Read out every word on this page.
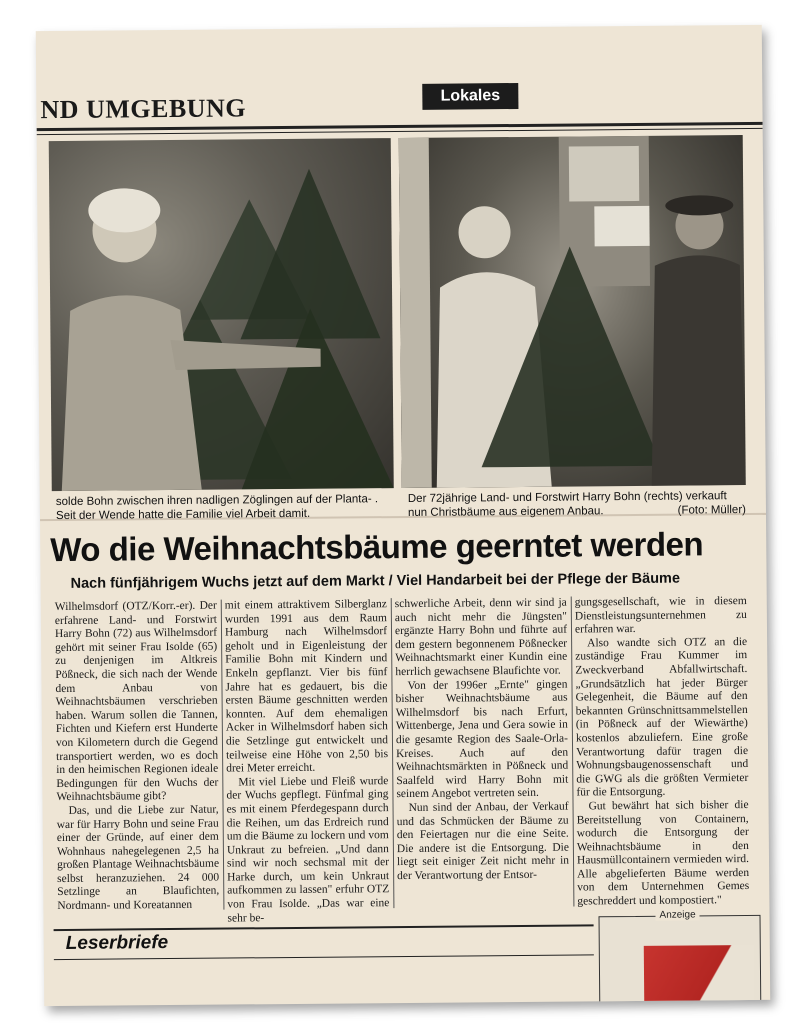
ND UMGEBUNG	Lokales
solde Bohn zwischen ihren nadligen Zöglingen auf der Planta- . Seit der Wende hatte die Familie viel Arbeit damit.
Der 72jährige Land- und Forstwirt Harry Bohn (rechts) verkauft nun Christbäume aus eigenem Anbau.	(Foto: Müller)
Wo die Weihnachtsbäume geerntet werden
Nach fünfjährigem Wuchs jetzt auf dem Markt / Viel Handarbeit bei der Pflege der Bäume

Wilhelmsdorf (OTZ/Korr.-er). Der erfahrene Land- und Forstwirt Harry Bohn (72) aus Wilhelmsdorf gehört mit seiner Frau Isolde (65) zu denjenigen im Altkreis Pößneck, die sich nach der Wende dem Anbau von Weihnachtsbäumen verschrieben haben. Warum sollen die Tannen, Fichten und Kiefern erst Hunderte von Kilometern durch die Gegend transportiert werden, wo es doch in den heimischen Regionen ideale Bedingungen für den Wuchs der Weihnachtsbäume gibt?

Das, und die Liebe zur Natur, war für Harry Bohn und seine Frau einer der Gründe, auf einer dem Wohnhaus nahegelegenen 2,5 ha großen Plantage Weihnachtsbäume selbst heranzuziehen. 24 000 Setzlinge an Blaufichten, Nordmann- und Koreatannen

mit einem attraktivem Silberglanz wurden 1991 aus dem Raum Hamburg nach Wilhelmsdorf geholt und in Eigenleistung der Familie Bohn mit Kindern und Enkeln gepflanzt. Vier bis fünf Jahre hat es gedauert, bis die ersten Bäume geschnitten werden konnten. Auf dem ehemaligen Acker in Wilhelmsdorf haben sich die Setzlinge gut entwickelt und teilweise eine Höhe von 2,50 bis drei Meter erreicht.

Mit viel Liebe und Fleiß wurde der Wuchs gepflegt. Fünfmal ging es mit einem Pferdegespann durch die Reihen, um das Erdreich rund um die Bäume zu lockern und vom Unkraut zu befreien. „Und dann sind wir noch sechsmal mit der Harke durch, um kein Unkraut aufkommen zu lassen" erfuhr OTZ von Frau Isolde. „Das war eine sehr be-

schwerliche Arbeit, denn wir sind ja auch nicht mehr die Jüngsten" ergänzte Harry Bohn und führte auf dem gestern begonnenem Pößnecker Weihnachtsmarkt einer Kundin eine herrlich gewachsene Blaufichte vor.

Von der 1996er „Ernte" gingen bisher Weihnachtsbäume aus Wilhelmsdorf bis nach Erfurt, Wittenberge, Jena und Gera sowie in die gesamte Region des Saale-Orla-Kreises. Auch auf den Weihnachtsmärkten in Pößneck und Saalfeld wird Harry Bohn mit seinem Angebot vertreten sein.

Nun sind der Anbau, der Verkauf und das Schmücken der Bäume zu den Feiertagen nur die eine Seite. Die andere ist die Entsorgung. Die liegt seit einiger Zeit nicht mehr in der Verantwortung der Entsor-

gungsgesellschaft, wie in diesem Dienstleistungsunternehmen zu erfahren war.

Also wandte sich OTZ an die zuständige Frau Kummer im Zweckverband Abfallwirtschaft. „Grundsätzlich hat jeder Bürger Gelegenheit, die Bäume auf den bekannten Grünschnittsammelstellen (in Pößneck auf der Wiewärthe) kostenlos abzuliefern. Eine große Verantwortung dafür tragen die Wohnungsbaugenossenschaft und die GWG als die größten Vermieter für die Entsorgung.

Gut bewährt hat sich bisher die Bereitstellung von Containern, wodurch die Entsorgung der Weihnachtsbäume in den Hausmüllcontainern vermieden wird. Alle abgelieferten Bäume werden von dem Unternehmen Gemes geschreddert und kompostiert."

Leserbriefe
Anzeige
